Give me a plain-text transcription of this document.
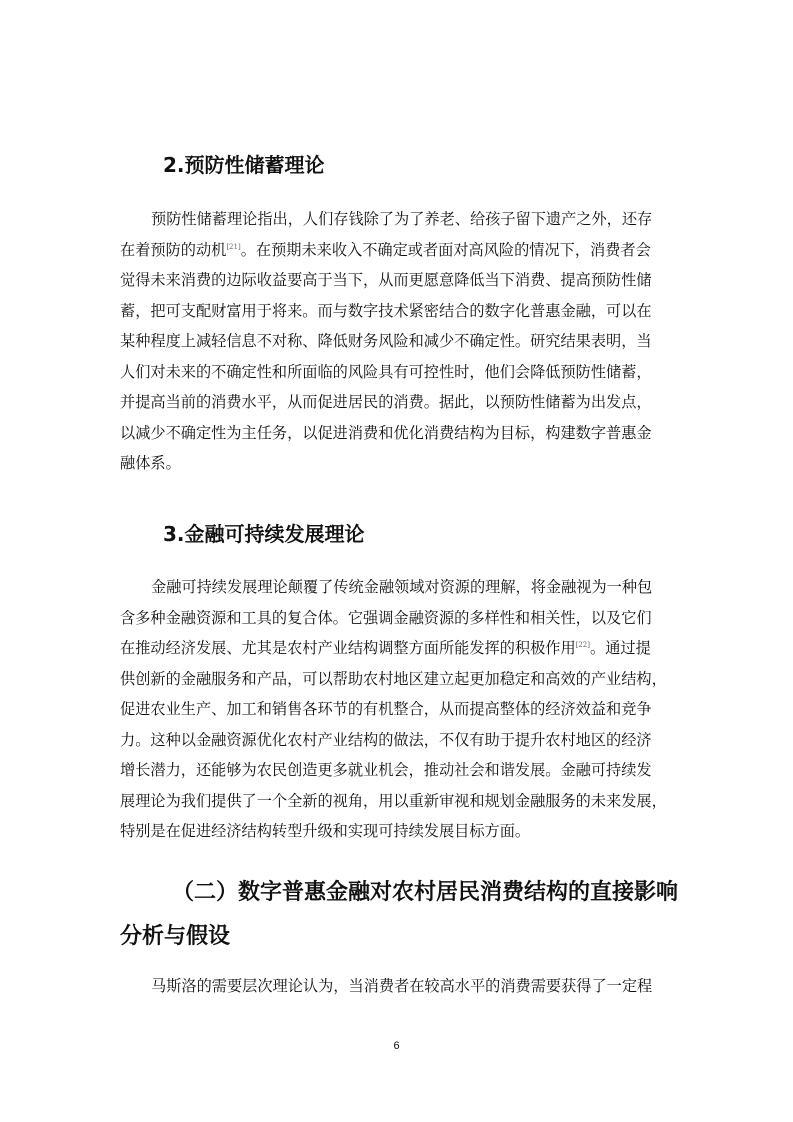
2.预防性储蓄理论
预防性储蓄理论指出，人们存钱除了为了养老、给孩子留下遗产之外，还存
在着预防的动机[21]。在预期未来收入不确定或者面对高风险的情况下，消费者会
觉得未来消费的边际收益要高于当下，从而更愿意降低当下消费、提高预防性储
蓄，把可支配财富用于将来。而与数字技术紧密结合的数字化普惠金融，可以在
某种程度上减轻信息不对称、降低财务风险和减少不确定性。研究结果表明，当
人们对未来的不确定性和所面临的风险具有可控性时，他们会降低预防性储蓄，
并提高当前的消费水平，从而促进居民的消费。据此，以预防性储蓄为出发点，
以减少不确定性为主任务，以促进消费和优化消费结构为目标，构建数字普惠金
融体系。
3.金融可持续发展理论
金融可持续发展理论颠覆了传统金融领域对资源的理解，将金融视为一种包
含多种金融资源和工具的复合体。它强调金融资源的多样性和相关性，以及它们
在推动经济发展、尤其是农村产业结构调整方面所能发挥的积极作用[22]。通过提
供创新的金融服务和产品，可以帮助农村地区建立起更加稳定和高效的产业结构，
促进农业生产、加工和销售各环节的有机整合，从而提高整体的经济效益和竞争
力。这种以金融资源优化农村产业结构的做法，不仅有助于提升农村地区的经济
增长潜力，还能够为农民创造更多就业机会，推动社会和谐发展。金融可持续发
展理论为我们提供了一个全新的视角，用以重新审视和规划金融服务的未来发展，
特别是在促进经济结构转型升级和实现可持续发展目标方面。
（二）数字普惠金融对农村居民消费结构的直接影响分析与假设
马斯洛的需要层次理论认为，当消费者在较高水平的消费需要获得了一定程
6
